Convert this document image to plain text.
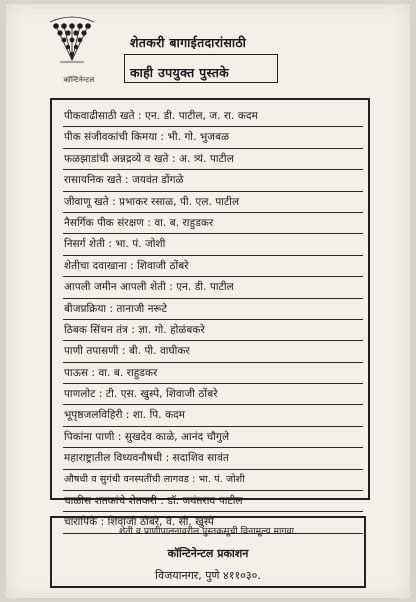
कॉन्टिनेन्टल
शेतकरी बागाईतदारांसाठी
काही उपयुक्त पुस्तके
पीकवाढीसाठी खते : एन. डी. पाटील, ज. रा. कदम
पीक संजीवकांची किमया : भी. गो. भुजबळ
फळझाडांची अन्नद्रव्ये व खते : अ. त्र्यं. पाटील
रासायनिक खते : जयवंत डोंगळे
जीवाणू खते : प्रभाकर रसाळ, पी. एल. पाटील
नैसर्गिक पीक संरक्षण : वा. ब. राहुडकर
निसर्ग शेती : भा. पं. जोशी
शेतीचा दवाखाना : शिवाजी ठोंबरे
आपली जमीन आपली शेती : एन. डी. पाटील
बीजप्रक्रिया : तानाजी नरूटे
ठिबक सिंचन तंत्र : ज्ञा. गो. होळंबकरे
पाणी तपासणी : बी. पी. वाघीकर
पाऊस : वा. ब. राहुडकर
पाणलोट : टी. एस. खुस्पे, शिवाजी ठोंबरे
भूपृष्ठजलविहिरी : शा. पि. कदम
पिकांना पाणी : सुखदेव काळे, आनंद चौगुले
महाराष्ट्रातील विध्यवनौषधी : सदाशिव सावंत
औषधी व सुगंधी वनस्पतींची लागवड : भा. पं. जोशी
चाळीस शतकांचे शेतकरी : डॉ. जयंतराव पाटील
चारापिके : शिवाजी ठोंबरे, व. सी. खुस्पे
शेती व प्राणीपालनावरील पुस्तकसूची विनामूल्य मागवा.
कॉन्टिनेन्टल प्रकाशन
विजयानगर, पुणे ४११०३०.
